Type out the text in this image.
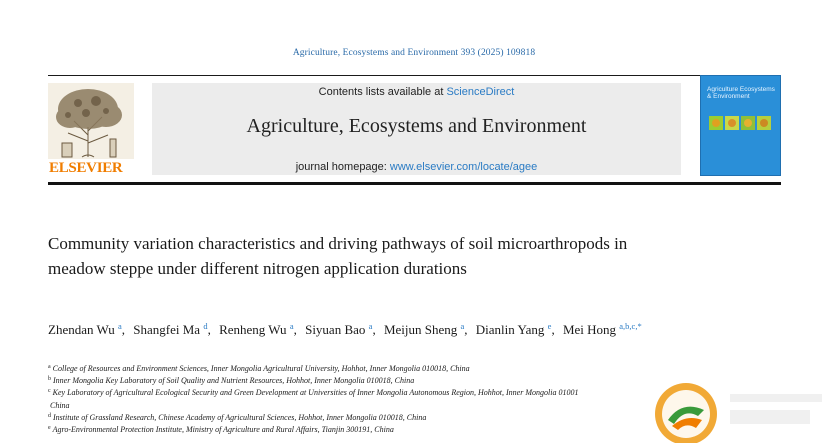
Agriculture, Ecosystems and Environment 393 (2025) 109818
ELSEVIER
Contents lists available at ScienceDirect
Agriculture, Ecosystems and Environment
journal homepage: www.elsevier.com/locate/agee
Agriculture Ecosystems & Environment
Community variation characteristics and driving pathways of soil microarthropods in meadow steppe under different nitrogen application durations
Zhendan Wu $^a$, Shangfei Ma $^d$, Renheng Wu $^a$, Siyuan Bao $^a$, Meijun Sheng $^a$, Dianlin Yang $^e$, Mei Hong $^{a,b,c,*}$
$^a$ College of Resources and Environment Sciences, Inner Mongolia Agricultural University, Hohhot, Inner Mongolia 010018, China
$^b$ Inner Mongolia Key Laboratory of Soil Quality and Nutrient Resources, Hohhot, Inner Mongolia 010018, China
$^c$ Key Laboratory of Agricultural Ecological Security and Green Development at Universities of Inner Mongolia Autonomous Region, Hohhot, Inner Mongolia 01001
China
$^d$ Institute of Grassland Research, Chinese Academy of Agricultural Sciences, Hohhot, Inner Mongolia 010018, China
$^e$ Agro-Environmental Protection Institute, Ministry of Agriculture and Rural Affairs, Tianjin 300191, China
